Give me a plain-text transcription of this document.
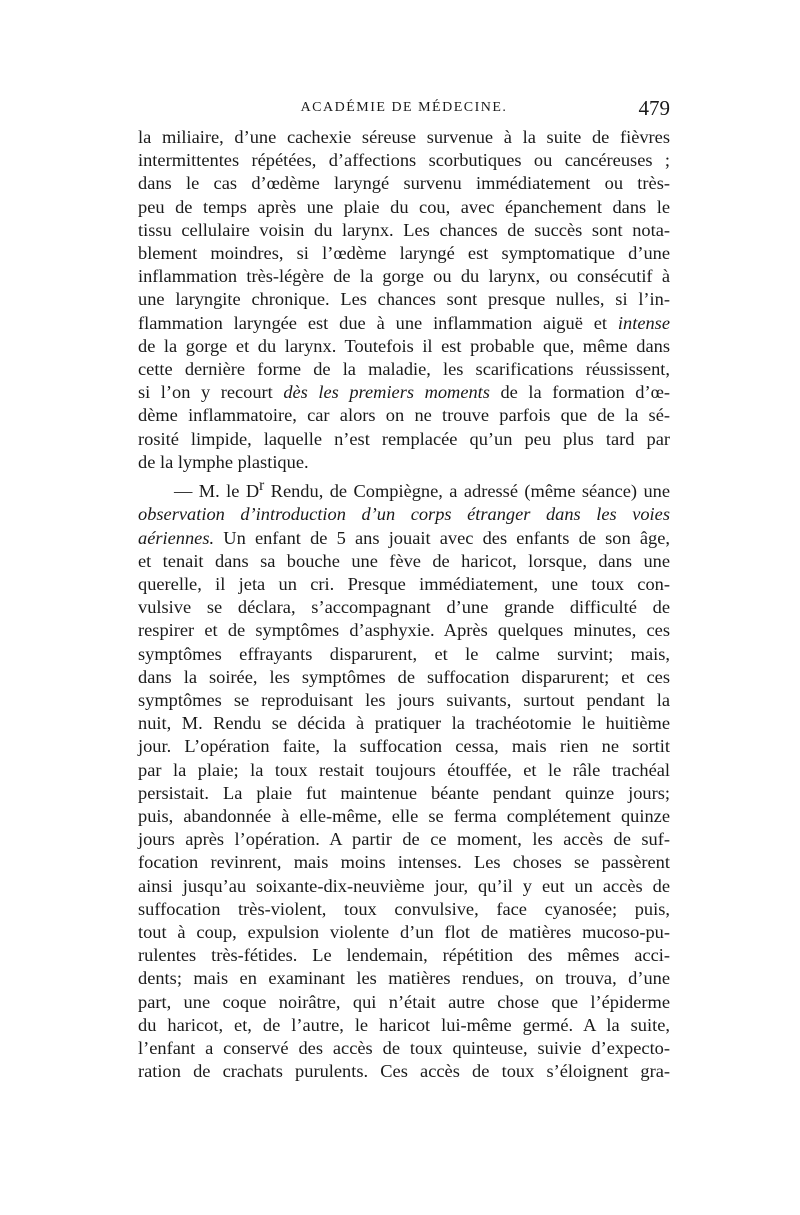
ACADÉMIE DE MÉDECINE.	479

la miliaire, d’une cachexie séreuse survenue à la suite de fièvres

intermittentes répétées, d’affections scorbutiques ou cancéreuses ;

dans le cas d’œdème laryngé survenu immédiatement ou très-

peu de temps après une plaie du cou, avec épanchement dans le

tissu cellulaire voisin du larynx. Les chances de succès sont nota-

blement moindres, si l’œdème laryngé est symptomatique d’une

inflammation très-légère de la gorge ou du larynx, ou consécutif à

une laryngite chronique. Les chances sont presque nulles, si l’in-

flammation laryngée est due à une inflammation aiguë et intense

de la gorge et du larynx. Toutefois il est probable que, même dans

cette dernière forme de la maladie, les scarifications réussissent,

si l’on y recourt dès les premiers moments de la formation d’œ-

dème inflammatoire, car alors on ne trouve parfois que de la sé-

rosité limpide, laquelle n’est remplacée qu’un peu plus tard par

de la lymphe plastique.

— M. le $D^r$ Rendu, de Compiègne, a adressé (même séance) une

observation d’introduction d’un corps étranger dans les voies

aériennes. Un enfant de 5 ans jouait avec des enfants de son âge,

et tenait dans sa bouche une fève de haricot, lorsque, dans une

querelle, il jeta un cri. Presque immédiatement, une toux con-

vulsive se déclara, s’accompagnant d’une grande difficulté de

respirer et de symptômes d’asphyxie. Après quelques minutes, ces

symptômes effrayants disparurent, et le calme survint; mais,

dans la soirée, les symptômes de suffocation disparurent; et ces

symptômes se reproduisant les jours suivants, surtout pendant la

nuit, M. Rendu se décida à pratiquer la trachéotomie le huitième

jour. L’opération faite, la suffocation cessa, mais rien ne sortit

par la plaie; la toux restait toujours étouffée, et le râle trachéal

persistait. La plaie fut maintenue béante pendant quinze jours;

puis, abandonnée à elle-même, elle se ferma complétement quinze

jours après l’opération. A partir de ce moment, les accès de suf-

focation revinrent, mais moins intenses. Les choses se passèrent

ainsi jusqu’au soixante-dix-neuvième jour, qu’il y eut un accès de

suffocation très-violent, toux convulsive, face cyanosée; puis,

tout à coup, expulsion violente d’un flot de matières mucoso-pu-

rulentes très-fétides. Le lendemain, répétition des mêmes acci-

dents; mais en examinant les matières rendues, on trouva, d’une

part, une coque noirâtre, qui n’était autre chose que l’épiderme

du haricot, et, de l’autre, le haricot lui-même germé. A la suite,

l’enfant a conservé des accès de toux quinteuse, suivie d’expecto-

ration de crachats purulents. Ces accès de toux s’éloignent gra-
